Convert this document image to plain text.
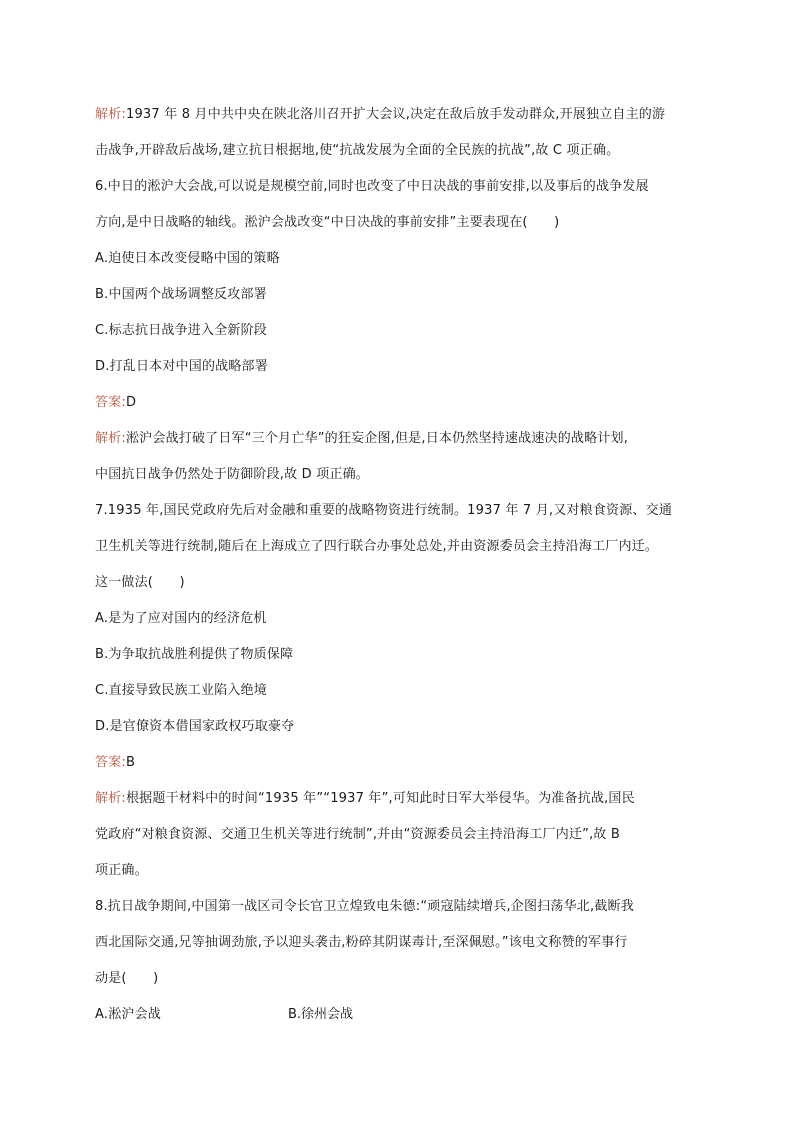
解析:1937 年 8 月中共中央在陕北洛川召开扩大会议,决定在敌后放手发动群众,开展独立自主的游
击战争,开辟敌后战场,建立抗日根据地,使“抗战发展为全面的全民族的抗战”,故 C 项正确。
6.中日的淞沪大会战,可以说是规模空前,同时也改变了中日决战的事前安排,以及事后的战争发展
方向,是中日战略的轴线。淞沪会战改变“中日决战的事前安排”主要表现在(　　)
A.迫使日本改变侵略中国的策略
B.中国两个战场调整反攻部署
C.标志抗日战争进入全新阶段
D.打乱日本对中国的战略部署
答案:D
解析:淞沪会战打破了日军“三个月亡华”的狂妄企图,但是,日本仍然坚持速战速决的战略计划,
中国抗日战争仍然处于防御阶段,故 D 项正确。
7.1935 年,国民党政府先后对金融和重要的战略物资进行统制。1937 年 7 月,又对粮食资源、交通
卫生机关等进行统制,随后在上海成立了四行联合办事处总处,并由资源委员会主持沿海工厂内迁。
这一做法(　　)
A.是为了应对国内的经济危机
B.为争取抗战胜利提供了物质保障
C.直接导致民族工业陷入绝境
D.是官僚资本借国家政权巧取豪夺
答案:B
解析:根据题干材料中的时间“1935 年”“1937 年”,可知此时日军大举侵华。为准备抗战,国民
党政府“对粮食资源、交通卫生机关等进行统制”,并由“资源委员会主持沿海工厂内迁”,故 B
项正确。
8.抗日战争期间,中国第一战区司令长官卫立煌致电朱德:“顽寇陆续增兵,企图扫荡华北,截断我
西北国际交通,兄等抽调劲旅,予以迎头袭击,粉碎其阴谋毒计,至深佩慰。”该电文称赞的军事行
动是(　　)
A.淞沪会战	B.徐州会战
